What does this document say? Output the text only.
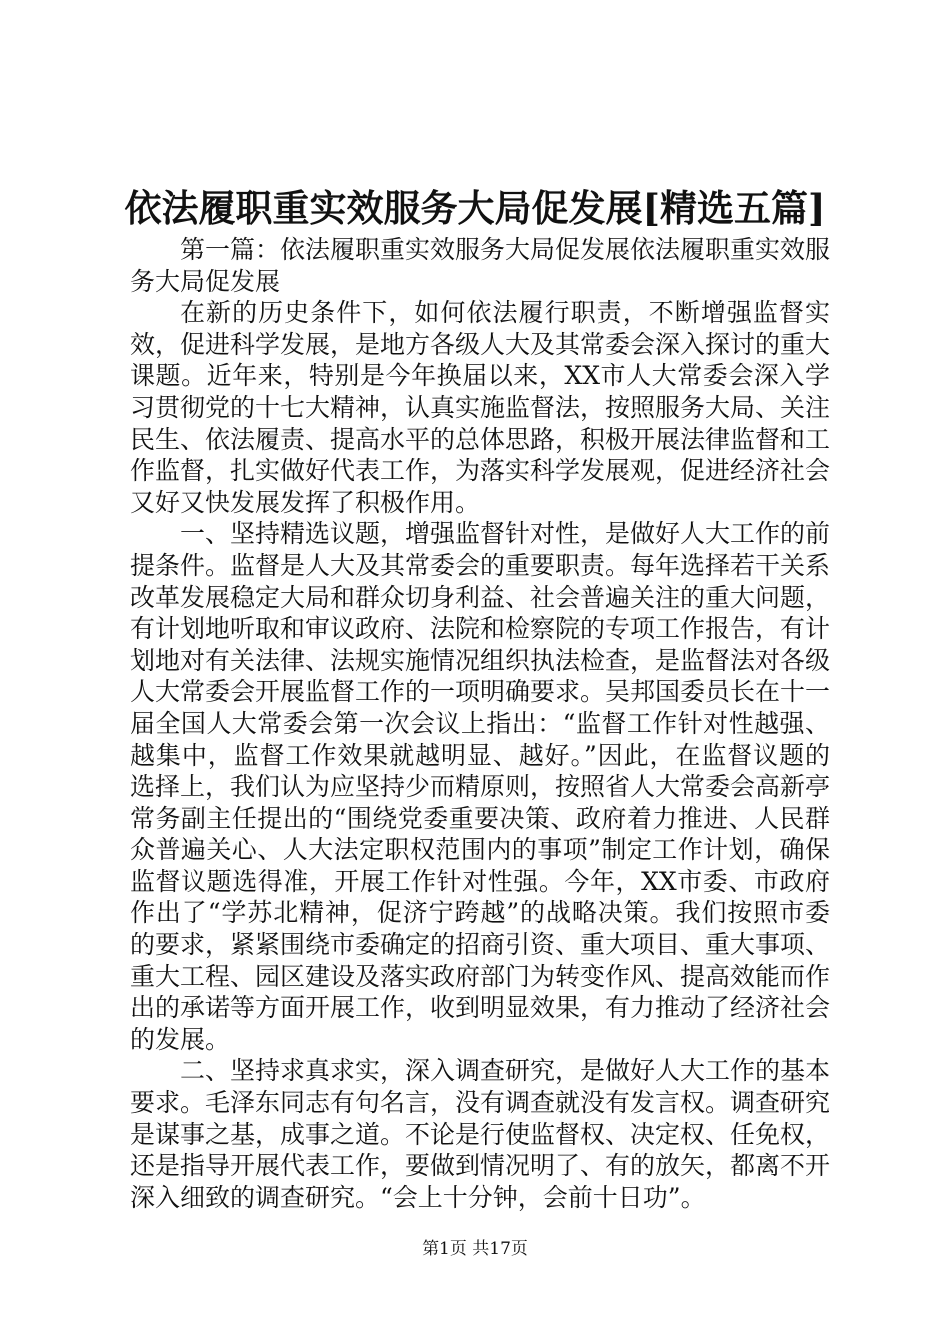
依法履职重实效服务大局促发展[精选五篇]

第一篇：依法履职重实效服务大局促发展依法履职重实效服务大局促发展

在新的历史条件下，如何依法履行职责，不断增强监督实效，促进科学发展，是地方各级人大及其常委会深入探讨的重大课题。近年来，特别是今年换届以来，XX市人大常委会深入学习贯彻党的十七大精神，认真实施监督法，按照服务大局、关注民生、依法履责、提高水平的总体思路，积极开展法律监督和工作监督，扎实做好代表工作，为落实科学发展观，促进经济社会又好又快发展发挥了积极作用。

一、坚持精选议题，增强监督针对性，是做好人大工作的前提条件。监督是人大及其常委会的重要职责。每年选择若干关系改革发展稳定大局和群众切身利益、社会普遍关注的重大问题，有计划地听取和审议政府、法院和检察院的专项工作报告，有计划地对有关法律、法规实施情况组织执法检查，是监督法对各级人大常委会开展监督工作的一项明确要求。吴邦国委员长在十一届全国人大常委会第一次会议上指出：“监督工作针对性越强、越集中，监督工作效果就越明显、越好。”因此，在监督议题的选择上，我们认为应坚持少而精原则，按照省人大常委会高新亭常务副主任提出的“围绕党委重要决策、政府着力推进、人民群众普遍关心、人大法定职权范围内的事项”制定工作计划，确保监督议题选得准，开展工作针对性强。今年，XX市委、市政府作出了“学苏北精神，促济宁跨越”的战略决策。我们按照市委的要求，紧紧围绕市委确定的招商引资、重大项目、重大事项、重大工程、园区建设及落实政府部门为转变作风、提高效能而作出的承诺等方面开展工作，收到明显效果，有力推动了经济社会的发展。

二、坚持求真求实，深入调查研究，是做好人大工作的基本要求。毛泽东同志有句名言，没有调查就没有发言权。调查研究是谋事之基，成事之道。不论是行使监督权、决定权、任免权，还是指导开展代表工作，要做到情况明了、有的放矢，都离不开深入细致的调查研究。“会上十分钟，会前十日功”。

第1页 共17页
